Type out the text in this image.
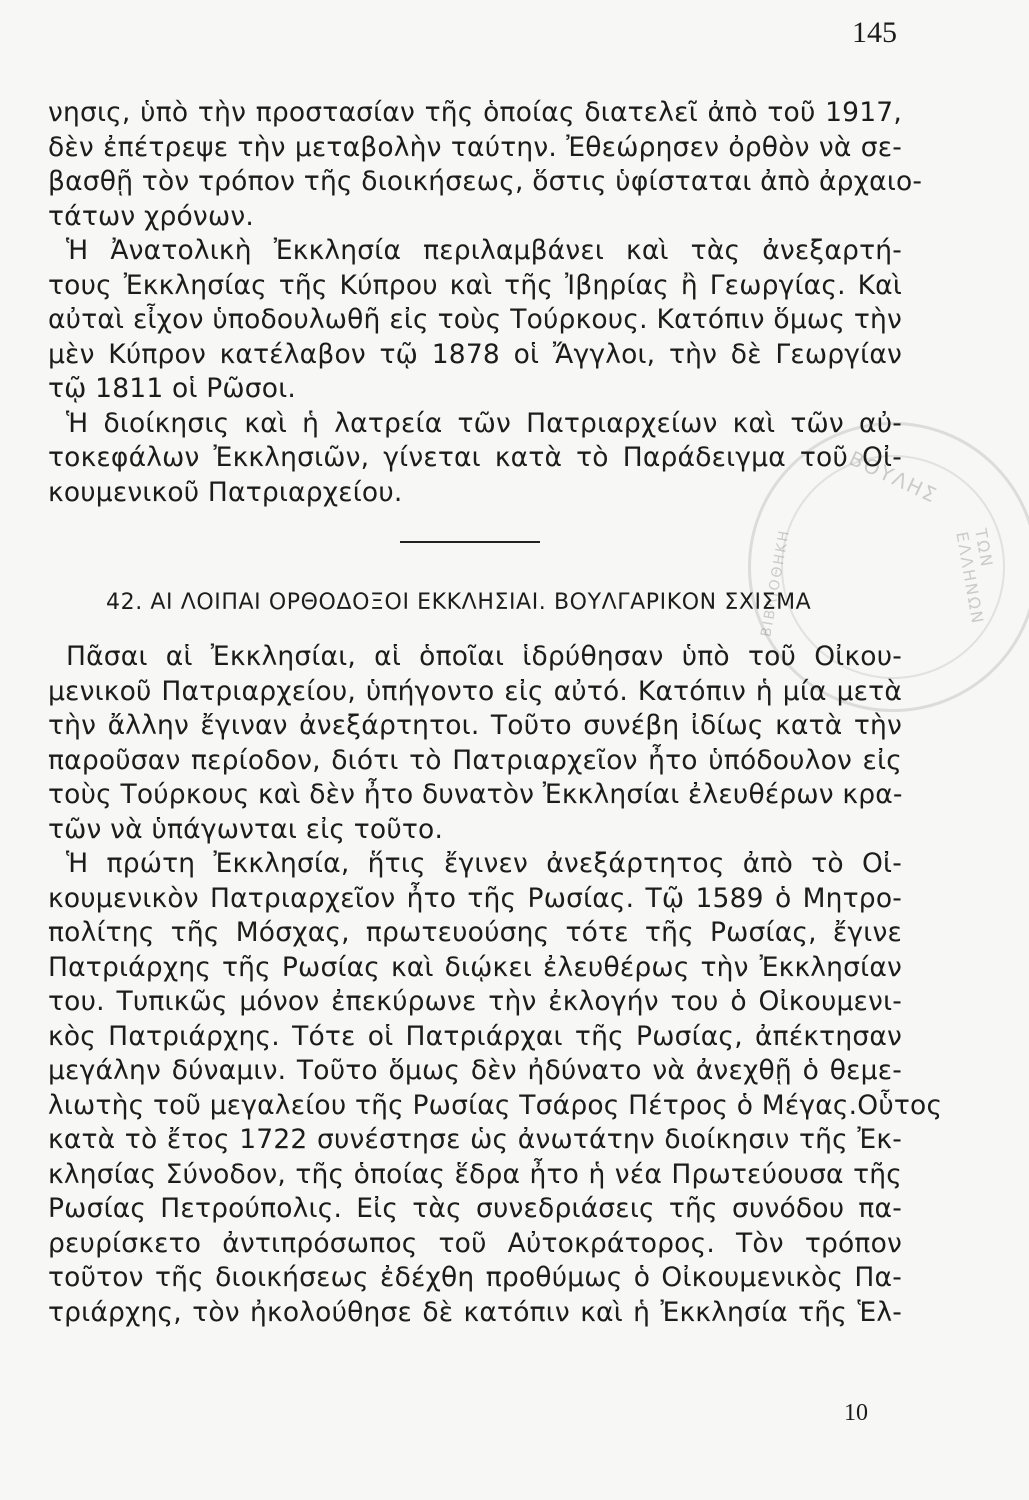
ΒΟΥΛΗΣ
ΤΩΝ ΕΛΛΗΝΩΝ
ΒΙΒΛΙΟΘΗΚΗ
145
νησις, ὑπὸ τὴν προστασίαν τῆς ὁποίας διατελεῖ ἀπὸ τοῦ 1917,
δὲν ἐπέτρεψε τὴν μεταβολὴν ταύτην. Ἐθεώρησεν ὀρθὸν νὰ σε-
βασθῇ τὸν τρόπον τῆς διοικήσεως, ὅστις ὑφίσταται ἀπὸ ἀρχαιο-
τάτων χρόνων.
Ἡ Ἀνατολικὴ Ἐκκλησία περιλαμβάνει καὶ τὰς ἀνεξαρτή-
τους Ἐκκλησίας τῆς Κύπρου καὶ τῆς Ἰβηρίας ἢ Γεωργίας. Καὶ
αὐταὶ εἶχον ὑποδουλωθῆ εἰς τοὺς Τούρκους. Κατόπιν ὅμως τὴν
μὲν Κύπρον κατέλαβον τῷ 1878 οἱ Ἄγγλοι, τὴν δὲ Γεωργίαν
τῷ 1811 οἱ Ρῶσοι.
Ἡ διοίκησις καὶ ἡ λατρεία τῶν Πατριαρχείων καὶ τῶν αὐ-
τοκεφάλων Ἐκκλησιῶν, γίνεται κατὰ τὸ Παράδειγμα τοῦ Οἰ-
κουμενικοῦ Πατριαρχείου.
42. ΑΙ ΛΟΙΠΑΙ ΟΡΘΟΔΟΞΟΙ ΕΚΚΛΗΣΙΑΙ. ΒΟΥΛΓΑΡΙΚΟΝ ΣΧΙΣΜΑ
Πᾶσαι αἱ Ἐκκλησίαι, αἱ ὁποῖαι ἱδρύθησαν ὑπὸ τοῦ Οἰκου-
μενικοῦ Πατριαρχείου, ὑπήγοντο εἰς αὐτό. Κατόπιν ἡ μία μετὰ
τὴν ἄλλην ἔγιναν ἀνεξάρτητοι. Τοῦτο συνέβη ἰδίως κατὰ τὴν
παροῦσαν περίοδον, διότι τὸ Πατριαρχεῖον ἦτο ὑπόδουλον εἰς
τοὺς Τούρκους καὶ δὲν ἦτο δυνατὸν Ἐκκλησίαι ἐλευθέρων κρα-
τῶν νὰ ὑπάγωνται εἰς τοῦτο.
Ἡ πρώτη Ἐκκλησία, ἥτις ἔγινεν ἀνεξάρτητος ἀπὸ τὸ Οἰ-
κουμενικὸν Πατριαρχεῖον ἦτο τῆς Ρωσίας. Τῷ 1589 ὁ Μητρο-
πολίτης τῆς Μόσχας, πρωτευούσης τότε τῆς Ρωσίας, ἔγινε
Πατριάρχης τῆς Ρωσίας καὶ διῴκει ἐλευθέρως τὴν Ἐκκλησίαν
του. Τυπικῶς μόνον ἐπεκύρωνε τὴν ἐκλογήν του ὁ Οἰκουμενι-
κὸς Πατριάρχης. Τότε οἱ Πατριάρχαι τῆς Ρωσίας, ἀπέκτησαν
μεγάλην δύναμιν. Τοῦτο ὅμως δὲν ἠδύνατο νὰ ἀνεχθῇ ὁ θεμε-
λιωτὴς τοῦ μεγαλείου τῆς Ρωσίας Τσάρος Πέτρος ὁ Μέγας.Οὗτος
κατὰ τὸ ἔτος 1722 συνέστησε ὡς ἀνωτάτην διοίκησιν τῆς Ἐκ-
κλησίας Σύνοδον, τῆς ὁποίας ἕδρα ἦτο ἡ νέα Πρωτεύουσα τῆς
Ρωσίας Πετρούπολις. Εἰς τὰς συνεδριάσεις τῆς συνόδου πα-
ρευρίσκετο ἀντιπρόσωπος τοῦ Αὐτοκράτορος. Τὸν τρόπον
τοῦτον τῆς διοικήσεως ἐδέχθη προθύμως ὁ Οἰκουμενικὸς Πα-
τριάρχης, τὸν ἠκολούθησε δὲ κατόπιν καὶ ἡ Ἐκκλησία τῆς Ἑλ-
10
